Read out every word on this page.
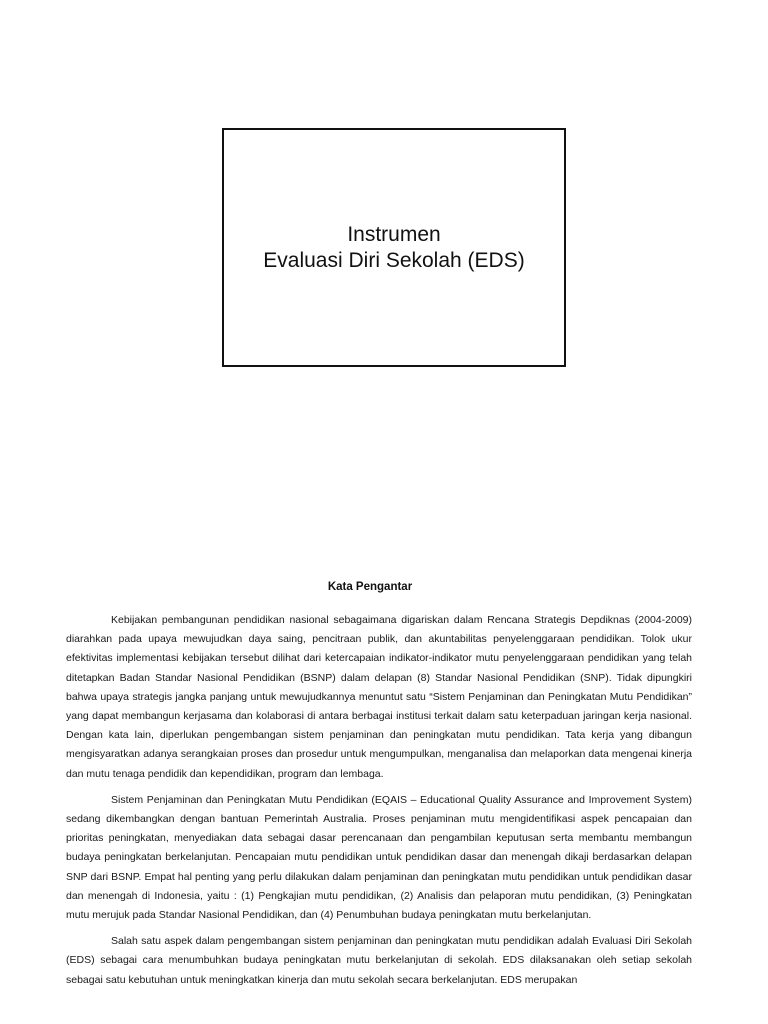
Instrumen
Evaluasi Diri Sekolah (EDS)
Kata Pengantar

Kebijakan pembangunan pendidikan nasional sebagaimana digariskan dalam Rencana Strategis Depdiknas (2004-2009) diarahkan pada upaya mewujudkan daya saing, pencitraan publik, dan akuntabilitas penyelenggaraan pendidikan. Tolok ukur efektivitas implementasi kebijakan tersebut dilihat dari ketercapaian indikator-indikator mutu penyelenggaraan pendidikan yang telah ditetapkan Badan Standar Nasional Pendidikan (BSNP) dalam delapan (8) Standar Nasional Pendidikan (SNP). Tidak dipungkiri bahwa upaya strategis jangka panjang untuk mewujudkannya menuntut satu “Sistem Penjaminan dan Peningkatan Mutu Pendidikan” yang dapat membangun kerjasama dan kolaborasi di antara berbagai institusi terkait dalam satu keterpaduan jaringan kerja nasional. Dengan kata lain, diperlukan pengembangan sistem penjaminan dan peningkatan mutu pendidikan. Tata kerja yang dibangun mengisyaratkan adanya serangkaian proses dan prosedur untuk mengumpulkan, menganalisa dan melaporkan data mengenai kinerja dan mutu tenaga pendidik dan kependidikan, program dan lembaga.

Sistem Penjaminan dan Peningkatan Mutu Pendidikan (EQAIS – Educational Quality Assurance and Improvement System) sedang dikembangkan dengan bantuan Pemerintah Australia. Proses penjaminan mutu mengidentifikasi aspek pencapaian dan prioritas peningkatan, menyediakan data sebagai dasar perencanaan dan pengambilan keputusan serta membantu membangun budaya peningkatan berkelanjutan. Pencapaian mutu pendidikan untuk pendidikan dasar dan menengah dikaji berdasarkan delapan SNP dari BSNP. Empat hal penting yang perlu dilakukan dalam penjaminan dan peningkatan mutu pendidikan untuk pendidikan dasar dan menengah di Indonesia, yaitu : (1) Pengkajian mutu pendidikan, (2) Analisis dan pelaporan mutu pendidikan, (3) Peningkatan mutu merujuk pada Standar Nasional Pendidikan, dan (4) Penumbuhan budaya peningkatan mutu berkelanjutan.

Salah satu aspek dalam pengembangan sistem penjaminan dan peningkatan mutu pendidikan adalah Evaluasi Diri Sekolah (EDS) sebagai cara menumbuhkan budaya peningkatan mutu berkelanjutan di sekolah. EDS dilaksanakan oleh setiap sekolah sebagai satu kebutuhan untuk meningkatkan kinerja dan mutu sekolah secara berkelanjutan. EDS merupakan
